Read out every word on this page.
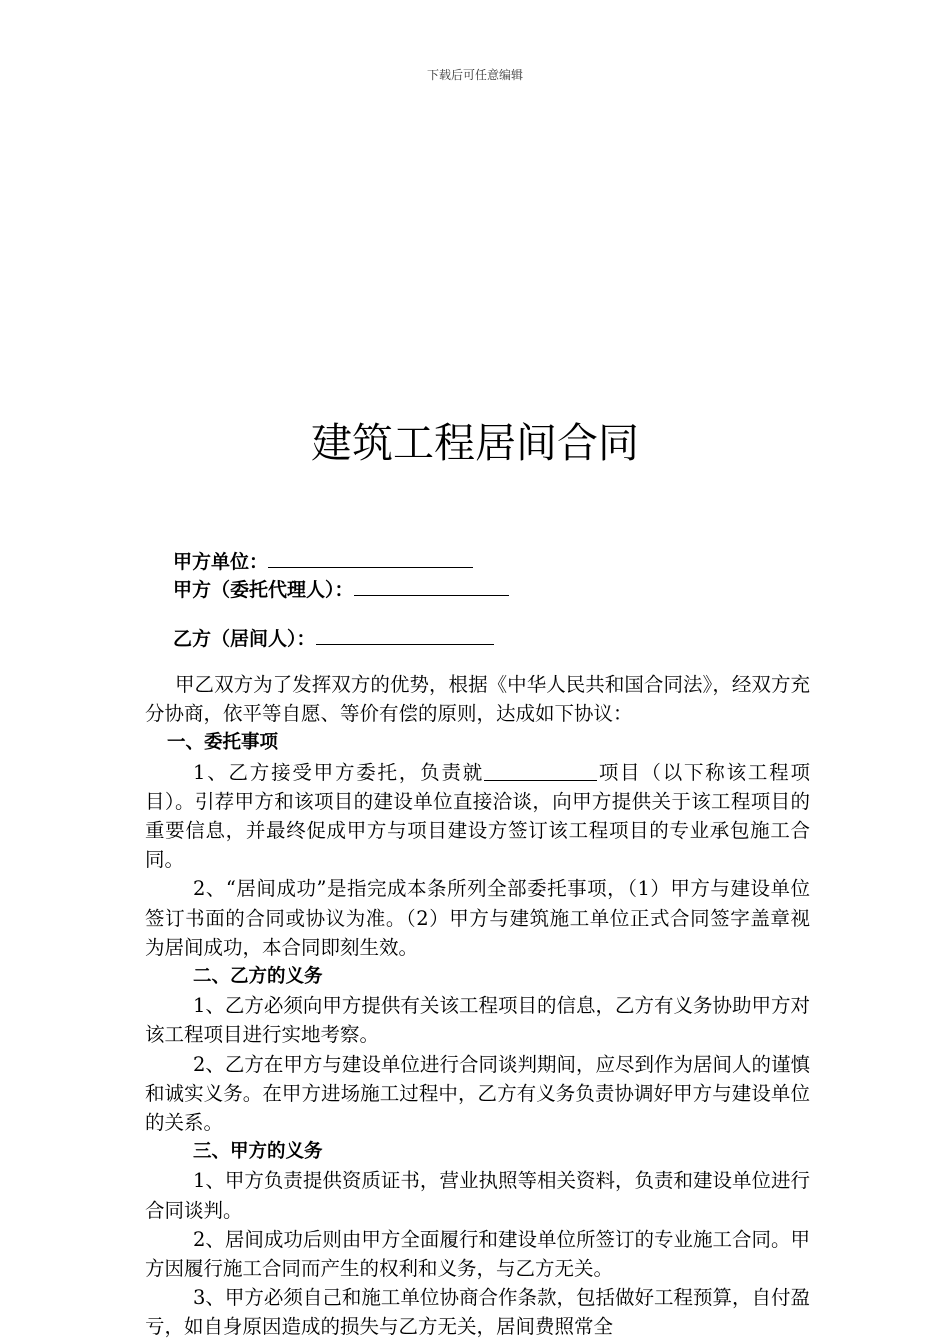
下载后可任意编辑
建筑工程居间合同
甲方单位：
甲方（委托代理人）：
乙方（居间人）：

甲乙双方为了发挥双方的优势，根据《中华人民共和国合同法》，经双方充分协商，依平等自愿、等价有偿的原则，达成如下协议：

一、委托事项

1、乙方接受甲方委托，负责就	项目（以下称该工程项目）。引荐甲方和该项目的建设单位直接洽谈，向甲方提供关于该工程项目的重要信息，并最终促成甲方与项目建设方签订该工程项目的专业承包施工合同。

2、“居间成功”是指完成本条所列全部委托事项，（1）甲方与建设单位签订书面的合同或协议为准。（2）甲方与建筑施工单位正式合同签字盖章视为居间成功，本合同即刻生效。

二、乙方的义务

1、乙方必须向甲方提供有关该工程项目的信息，乙方有义务协助甲方对该工程项目进行实地考察。

2、乙方在甲方与建设单位进行合同谈判期间，应尽到作为居间人的谨慎和诚实义务。在甲方进场施工过程中，乙方有义务负责协调好甲方与建设单位的关系。

三、甲方的义务

1、甲方负责提供资质证书，营业执照等相关资料，负责和建设单位进行合同谈判。

2、居间成功后则由甲方全面履行和建设单位所签订的专业施工合同。甲方因履行施工合同而产生的权利和义务，与乙方无关。

3、甲方必须自己和施工单位协商合作条款，包括做好工程预算，自付盈亏，如自身原因造成的损失与乙方无关，居间费照常全
